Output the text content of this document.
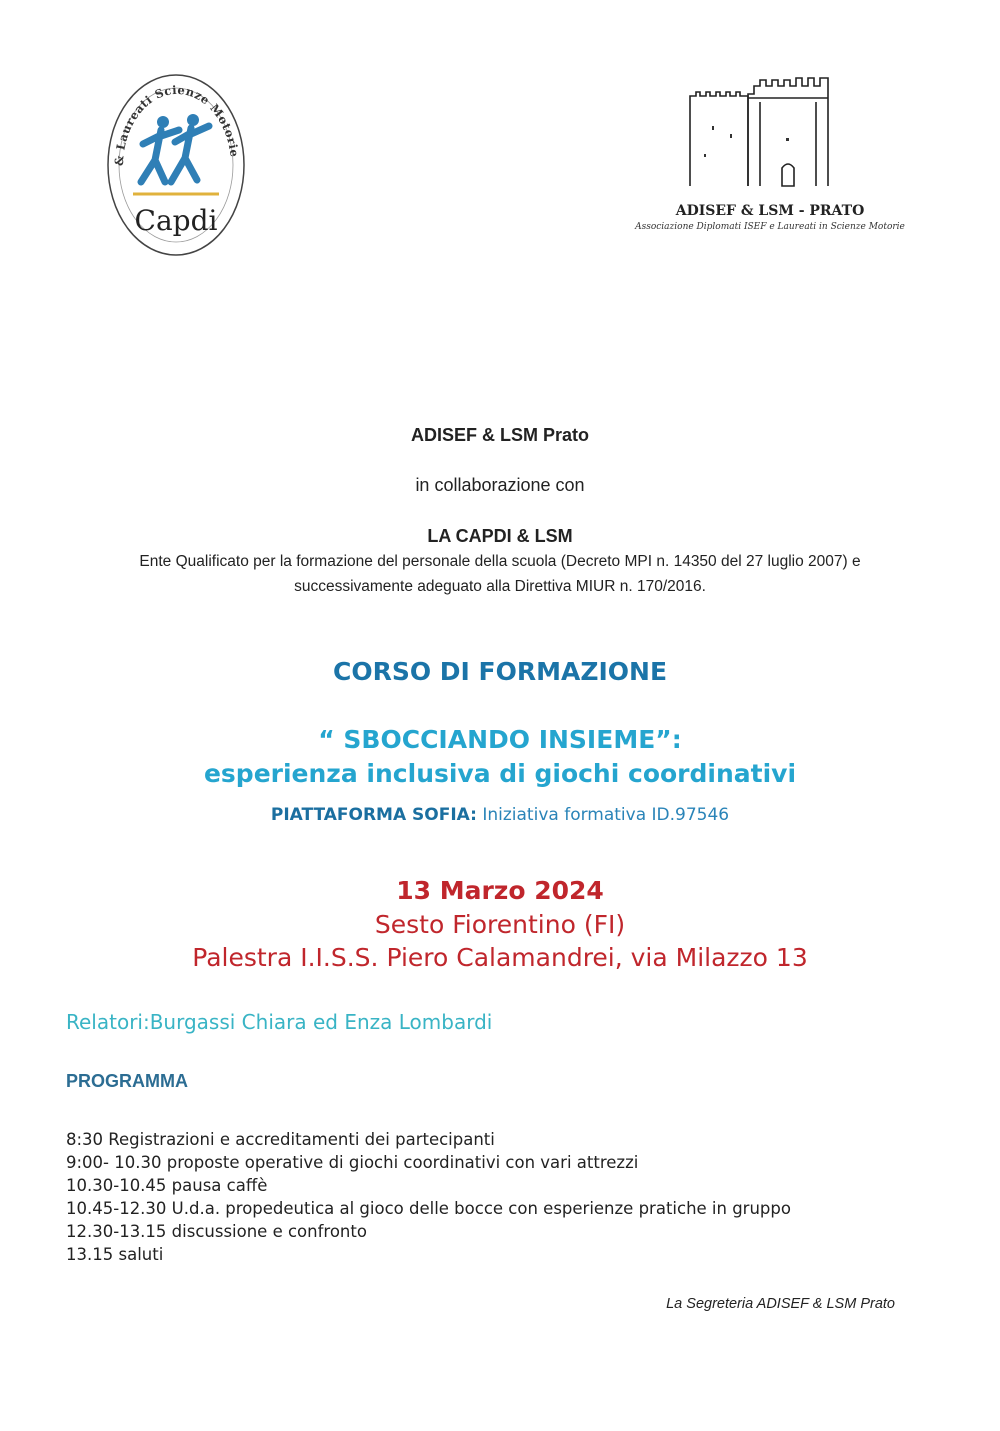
& Laureati Scienze Motorie
Capdi	ADISEF & LSM - PRATO
Associazione Diplomati ISEF e Laureati in Scienze Motorie
ADISEF & LSM Prato
in collaborazione con
LA CAPDI & LSM
Ente Qualificato per la formazione del personale della scuola (Decreto MPI n. 14350 del 27 luglio 2007) e successivamente adeguato alla Direttiva MIUR n. 170/2016.
CORSO DI FORMAZIONE
“ SBOCCIANDO INSIEME”:
esperienza inclusiva di giochi coordinativi
PIATTAFORMA SOFIA: Iniziativa formativa ID.97546
13 Marzo 2024
Sesto Fiorentino (FI)
Palestra I.I.S.S. Piero Calamandrei, via Milazzo 13
Relatori:Burgassi Chiara ed Enza Lombardi
PROGRAMMA
8:30 Registrazioni e accreditamenti dei partecipanti
9:00- 10.30 proposte operative di giochi coordinativi con vari attrezzi
10.30-10.45 pausa caffè
10.45-12.30 U.d.a. propedeutica al gioco delle bocce con esperienze pratiche in gruppo
12.30-13.15 discussione e confronto
13.15 saluti
La Segreteria ADISEF & LSM Prato
